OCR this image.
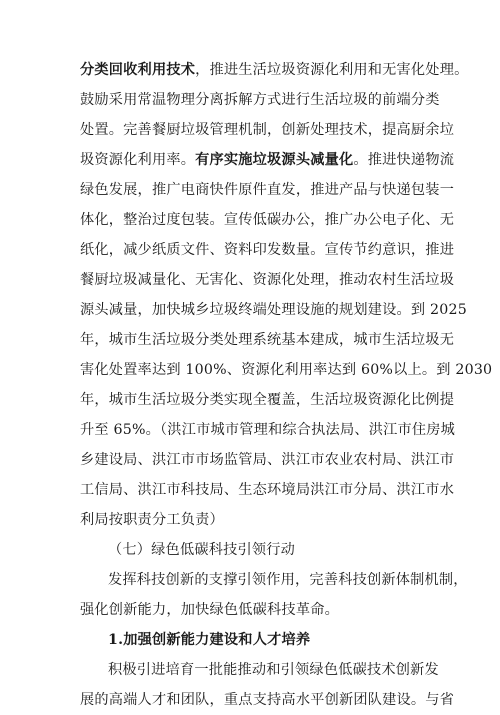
分类回收利用技术，推进生活垃圾资源化利用和无害化处理。
鼓励采用常温物理分离拆解方式进行生活垃圾的前端分类
处置。完善餐厨垃圾管理机制，创新处理技术，提高厨余垃
圾资源化利用率。有序实施垃圾源头减量化。推进快递物流
绿色发展，推广电商快件原件直发，推进产品与快递包装一
体化，整治过度包装。宣传低碳办公，推广办公电子化、无
纸化，减少纸质文件、资料印发数量。宣传节约意识，推进
餐厨垃圾减量化、无害化、资源化处理，推动农村生活垃圾
源头减量，加快城乡垃圾终端处理设施的规划建设。到 2025
年，城市生活垃圾分类处理系统基本建成，城市生活垃圾无
害化处置率达到 100%、资源化利用率达到 60%以上。到 2030
年，城市生活垃圾分类实现全覆盖，生活垃圾资源化比例提
升至 65%。（洪江市城市管理和综合执法局、洪江市住房城
乡建设局、洪江市市场监管局、洪江市农业农村局、洪江市
工信局、洪江市科技局、生态环境局洪江市分局、洪江市水
利局按职责分工负责）
（七）绿色低碳科技引领行动
发挥科技创新的支撑引领作用，完善科技创新体制机制，
强化创新能力，加快绿色低碳科技革命。
1.加强创新能力建设和人才培养
积极引进培育一批能推动和引领绿色低碳技术创新发
展的高端人才和团队，重点支持高水平创新团队建设。与省
